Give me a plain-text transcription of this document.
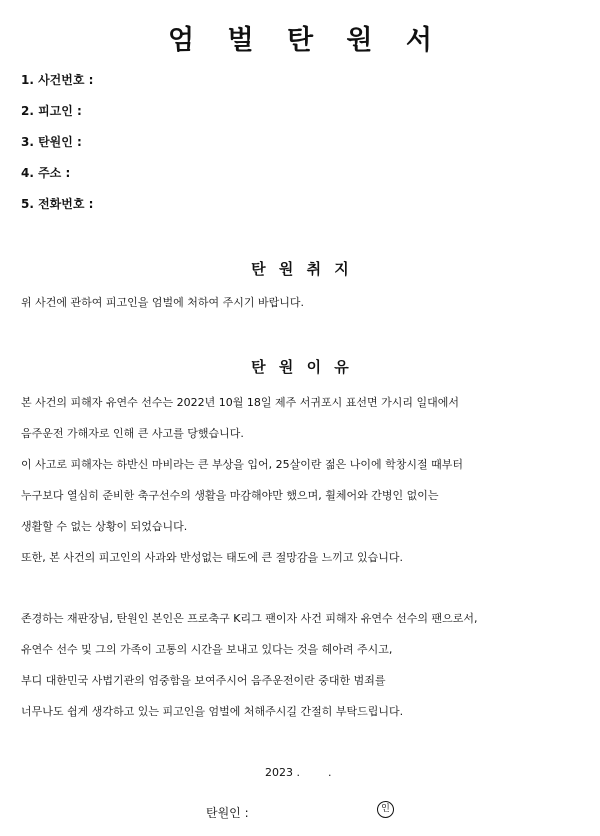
엄 벌 탄 원 서
1. 사건번호 :
2. 피고인 :
3. 탄원인 :
4. 주소 :
5. 전화번호 :
탄 원 취 지
위 사건에 관하여 피고인을 엄벌에 처하여 주시기 바랍니다.
탄 원 이 유
본 사건의 피해자 유연수 선수는 2022년 10월 18일 제주 서귀포시 표선면 가시리 일대에서
음주운전 가해자로 인해 큰 사고를 당했습니다.
이 사고로 피해자는 하반신 마비라는 큰 부상을 입어, 25살이란 젊은 나이에 학창시절 때부터
누구보다 열심히 준비한 축구선수의 생활을 마감해야만 했으며, 휠체어와 간병인 없이는
생활할 수 없는 상황이 되었습니다.
또한, 본 사건의 피고인의 사과와 반성없는 태도에 큰 절망감을 느끼고 있습니다.
존경하는 재판장님, 탄원인 본인은 프로축구 K리그 팬이자 사건 피해자 유연수 선수의 팬으로서,
유연수 선수 및 그의 가족이 고통의 시간을 보내고 있다는 것을 헤아려 주시고,
부디 대한민국 사법기관의 엄중함을 보여주시어 음주운전이란 중대한 범죄를
너무나도 쉽게 생각하고 있는 피고인을 엄벌에 처해주시길 간절히 부탁드립니다.
2023 .        .
탄원인 :	인
